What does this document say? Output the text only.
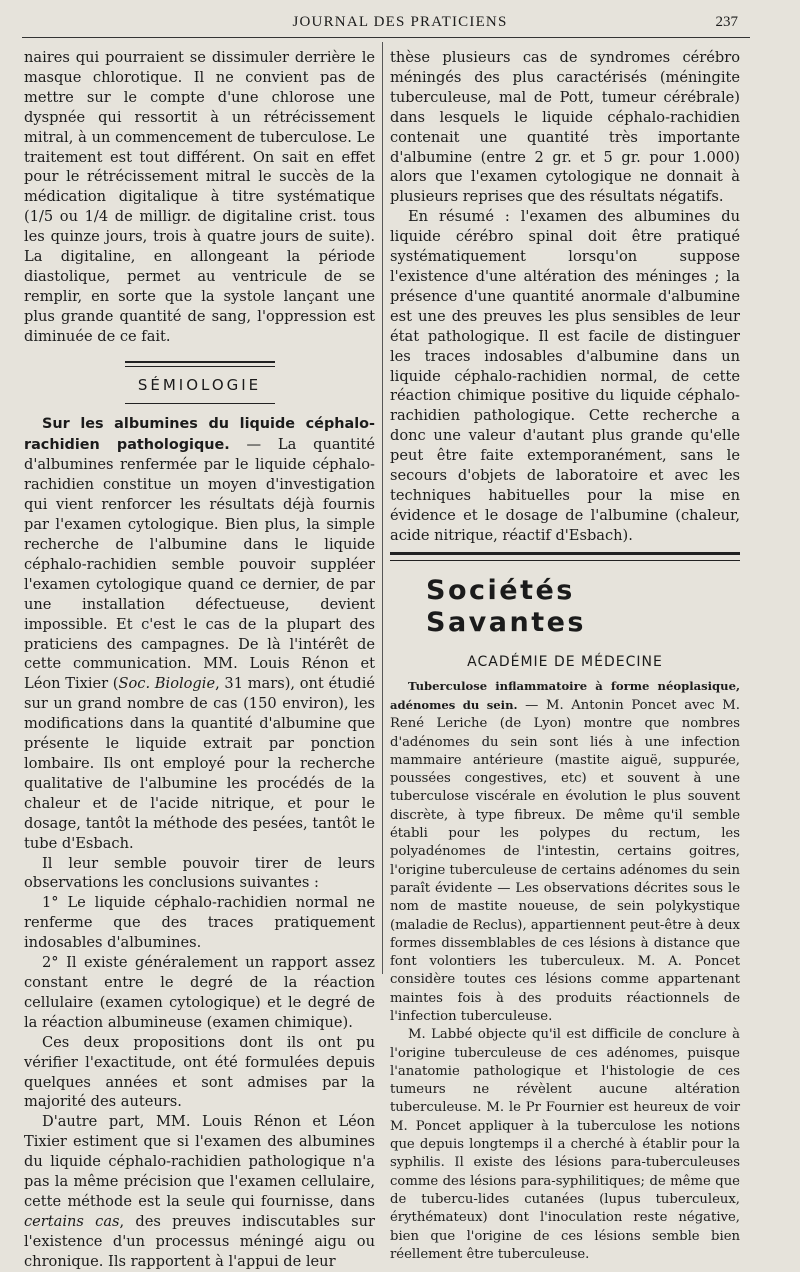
JOURNAL DES PRATICIENS	237

naires qui pourraient se dissimuler derrière le masque chlorotique. Il ne convient pas de mettre sur le compte d'une chlorose une dyspnée qui ressortit à un rétrécissement mitral, à un commencement de tuberculose. Le traitement est tout différent. On sait en effet pour le rétrécissement mitral le succès de la médication digitalique à titre systématique (1/5 ou 1/4 de milligr. de digitaline crist. tous les quinze jours, trois à quatre jours de suite). La digitaline, en allongeant la période diastolique, permet au ventricule de se remplir, en sorte que la systole lançant une plus grande quantité de sang, l'oppression est diminuée de ce fait.

SÉMIOLOGIE

Sur les albumines du liquide céphalo-rachidien pathologique. — La quantité d'albumines renfermée par le liquide céphalo-rachidien constitue un moyen d'investigation qui vient renforcer les résultats déjà fournis par l'examen cytologique. Bien plus, la simple recherche de l'albumine dans le liquide céphalo-rachidien semble pouvoir suppléer l'examen cytologique quand ce dernier, de par une installation défectueuse, devient impossible. Et c'est le cas de la plupart des praticiens des campagnes. De là l'intérêt de cette communication. MM. Louis Rénon et Léon Tixier (Soc. Biologie, 31 mars), ont étudié sur un grand nombre de cas (150 environ), les modifications dans la quantité d'albumine que présente le liquide extrait par ponction lombaire. Ils ont employé pour la recherche qualitative de l'albumine les procédés de la chaleur et de l'acide nitrique, et pour le dosage, tantôt la méthode des pesées, tantôt le tube d'Esbach.

Il leur semble pouvoir tirer de leurs observations les conclusions suivantes :

1° Le liquide céphalo-rachidien normal ne renferme que des traces pratiquement indosables d'albumines.

2° Il existe généralement un rapport assez constant entre le degré de la réaction cellulaire (examen cytologique) et le degré de la réaction albumineuse (examen chimique).

Ces deux propositions dont ils ont pu vérifier l'exactitude, ont été formulées depuis quelques années et sont admises par la majorité des auteurs.

D'autre part, MM. Louis Rénon et Léon Tixier estiment que si l'examen des albumines du liquide céphalo-rachidien pathologique n'a pas la même précision que l'examen cellulaire, cette méthode est la seule qui fournisse, dans certains cas, des preuves indiscutables sur l'existence d'un processus méningé aigu ou chronique. Ils rapportent à l'appui de leur

thèse plusieurs cas de syndromes cérébro méningés des plus caractérisés (méningite tuberculeuse, mal de Pott, tumeur cérébrale) dans lesquels le liquide céphalo-rachidien contenait une quantité très importante d'albumine (entre 2 gr. et 5 gr. pour 1.000) alors que l'examen cytologique ne donnait à plusieurs reprises que des résultats négatifs.

En résumé : l'examen des albumines du liquide cérébro spinal doit être pratiqué systématiquement lorsqu'on suppose l'existence d'une altération des méninges ; la présence d'une quantité anormale d'albumine est une des preuves les plus sensibles de leur état pathologique. Il est facile de distinguer les traces indosables d'albumine dans un liquide céphalo-rachidien normal, de cette réaction chimique positive du liquide céphalo-rachidien pathologique. Cette recherche a donc une valeur d'autant plus grande qu'elle peut être faite extemporanément, sans le secours d'objets de laboratoire et avec les techniques habituelles pour la mise en évidence et le dosage de l'albumine (chaleur, acide nitrique, réactif d'Esbach).

Sociétés Savantes
ACADÉMIE DE MÉDECINE

Tuberculose inflammatoire à forme néoplasique, adénomes du sein. — M. Antonin Poncet avec M. René Leriche (de Lyon) montre que nombres d'adénomes du sein sont liés à une infection mammaire antérieure (mastite aiguë, suppurée, poussées congestives, etc) et souvent à une tuberculose viscérale en évolution le plus souvent discrète, à type fibreux. De même qu'il semble établi pour les polypes du rectum, les polyadénomes de l'intestin, certains goitres, l'origine tuberculeuse de certains adénomes du sein paraît évidente — Les observations décrites sous le nom de mastite noueuse, de sein polykystique (maladie de Reclus), appartiennent peut-être à deux formes dissemblables de ces lésions à distance que font volontiers les tuberculeux. M. A. Poncet considère toutes ces lésions comme appartenant maintes fois à des produits réactionnels de l'infection tuberculeuse.

M. Labbé objecte qu'il est difficile de conclure à l'origine tuberculeuse de ces adénomes, puisque l'anatomie pathologique et l'histologie de ces tumeurs ne révèlent aucune altération tuberculeuse. M. le Pr Fournier est heureux de voir M. Poncet appliquer à la tuberculose les notions que depuis longtemps il a cherché à établir pour la syphilis. Il existe des lésions para-tuberculeuses comme des lésions para-syphilitiques; de même que de tubercu-lides cutanées (lupus tuberculeux, érythémateux) dont l'inoculation reste négative, bien que l'origine de ces lésions semble bien réellement être tuberculeuse.
